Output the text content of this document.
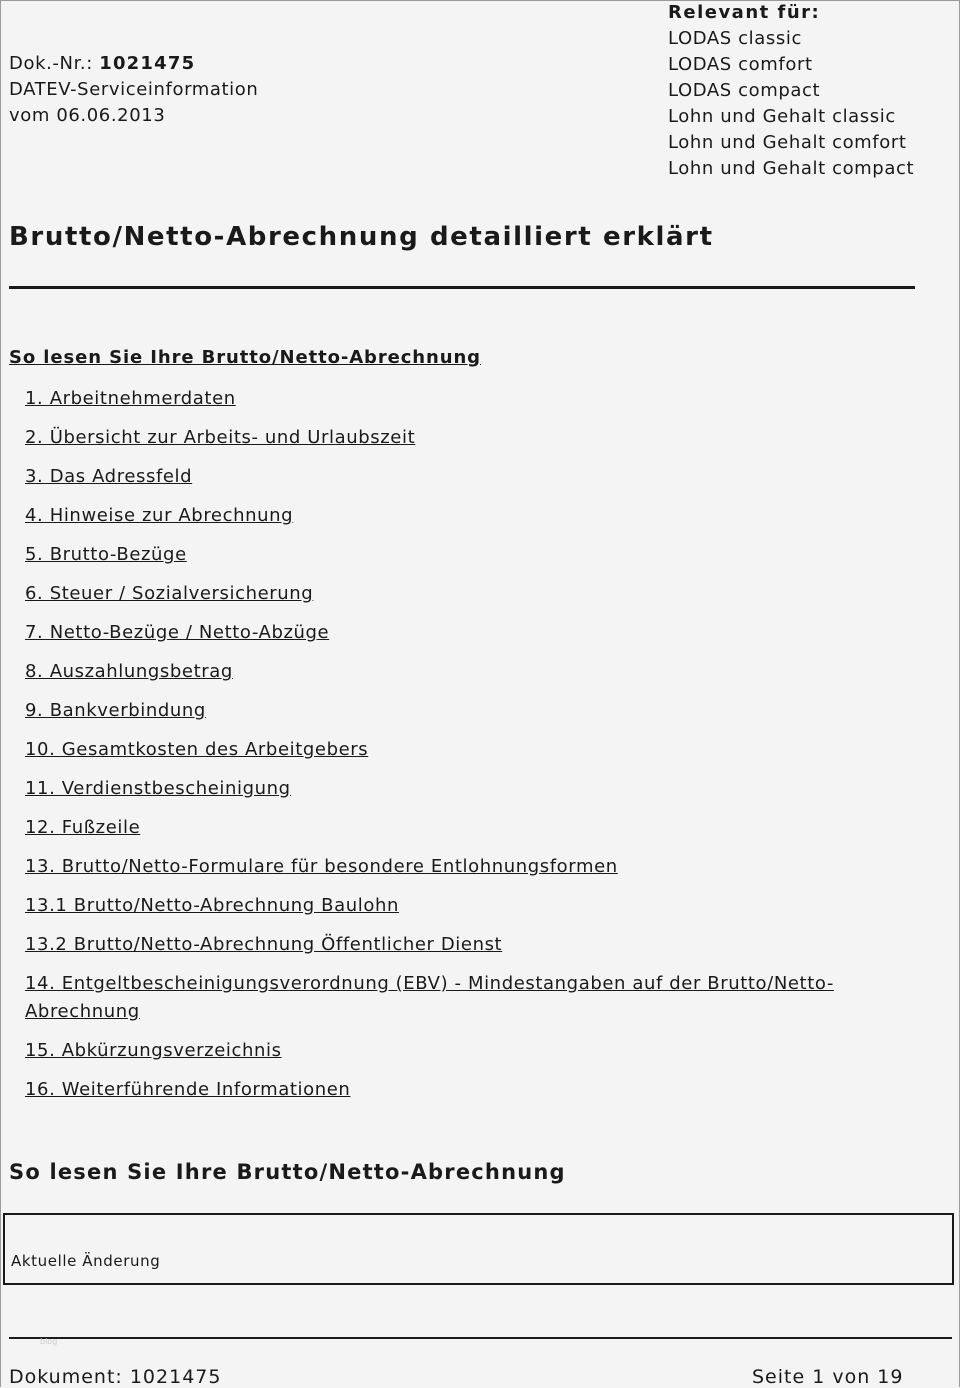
Dok.-Nr.: 1021475
DATEV-Serviceinformation
vom 06.06.2013
Relevant für:
LODAS classic
LODAS comfort
LODAS compact
Lohn und Gehalt classic
Lohn und Gehalt comfort
Lohn und Gehalt compact
Brutto/Netto-Abrechnung detailliert erklärt
So lesen Sie Ihre Brutto/Netto-Abrechnung
1. Arbeitnehmerdaten
2. Übersicht zur Arbeits- und Urlaubszeit
3. Das Adressfeld
4. Hinweise zur Abrechnung
5. Brutto-Bezüge
6. Steuer / Sozialversicherung
7. Netto-Bezüge / Netto-Abzüge
8. Auszahlungsbetrag
9. Bankverbindung
10. Gesamtkosten des Arbeitgebers
11. Verdienstbescheinigung
12. Fußzeile
13. Brutto/Netto-Formulare für besondere Entlohnungsformen
13.1 Brutto/Netto-Abrechnung Baulohn
13.2 Brutto/Netto-Abrechnung Öffentlicher Dienst
14. Entgeltbescheinigungsverordnung (EBV) - Mindestangaben auf der Brutto/Netto-Abrechnung
15. Abkürzungsverzeichnis
16. Weiterführende Informationen
So lesen Sie Ihre Brutto/Netto-Abrechnung
Aktuelle Änderung
blog
Dokument: 1021475	Seite 1 von 19
